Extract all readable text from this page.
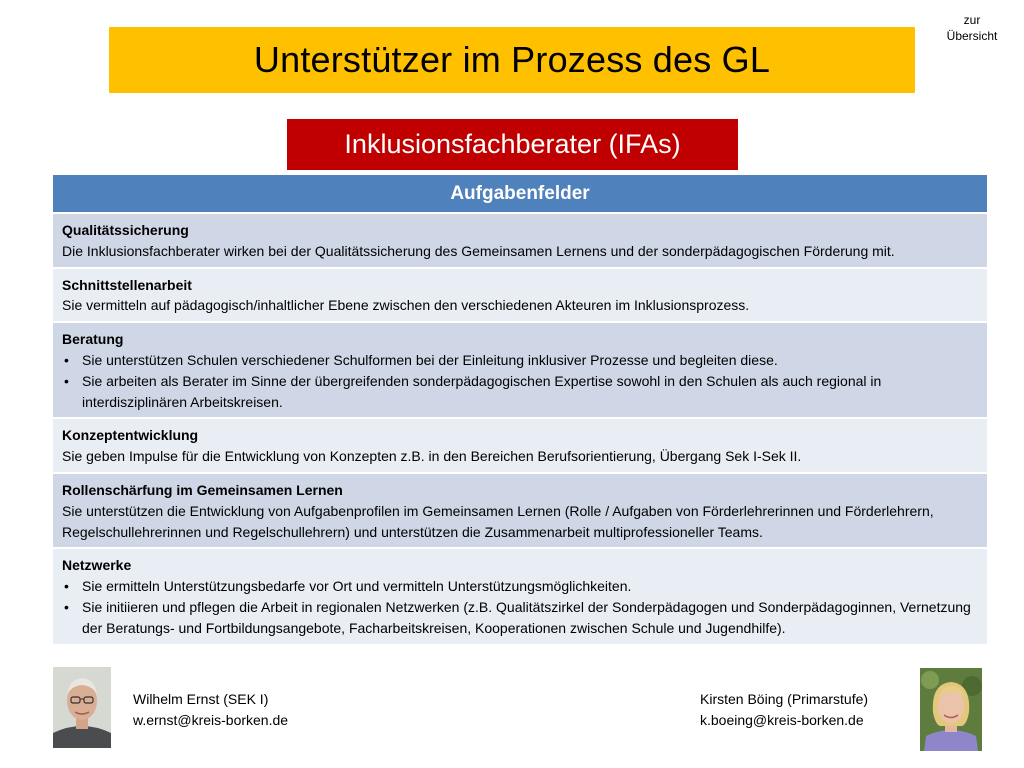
zur
Übersicht
Unterstützer im Prozess des GL
Inklusionsfachberater (IFAs)
Aufgabenfelder
Qualitätssicherung
Die Inklusionsfachberater wirken bei der Qualitätssicherung des Gemeinsamen Lernens und der sonderpädagogischen Förderung mit.
Schnittstellenarbeit
Sie vermitteln auf pädagogisch/inhaltlicher Ebene zwischen den verschiedenen Akteuren im Inklusionsprozess.
Beratung
• Sie unterstützen Schulen verschiedener Schulformen bei der Einleitung inklusiver Prozesse und begleiten diese.
• Sie arbeiten als Berater im Sinne der übergreifenden sonderpädagogischen Expertise sowohl in den Schulen als auch regional in interdisziplinären Arbeitskreisen.
Konzeptentwicklung
Sie geben Impulse für die Entwicklung von Konzepten z.B. in den Bereichen Berufsorientierung, Übergang Sek I-Sek II.
Rollenschärfung im Gemeinsamen Lernen
Sie unterstützen die Entwicklung von Aufgabenprofilen im Gemeinsamen Lernen (Rolle / Aufgaben von Förderlehrerinnen und Förderlehrern, Regelschullehrerinnen und Regelschullehrern) und unterstützen die Zusammenarbeit multiprofessioneller Teams.
Netzwerke
• Sie ermitteln Unterstützungsbedarfe vor Ort und vermitteln Unterstützungsmöglichkeiten.
• Sie initiieren und pflegen die Arbeit in regionalen Netzwerken (z.B. Qualitätszirkel der Sonderpädagogen und Sonderpädagoginnen, Vernetzung der Beratungs- und Fortbildungsangebote, Facharbeitskreisen, Kooperationen zwischen Schule und Jugendhilfe).
Wilhelm Ernst (SEK I)
w.ernst@kreis-borken.de
Kirsten Böing (Primarstufe)
k.boeing@kreis-borken.de
